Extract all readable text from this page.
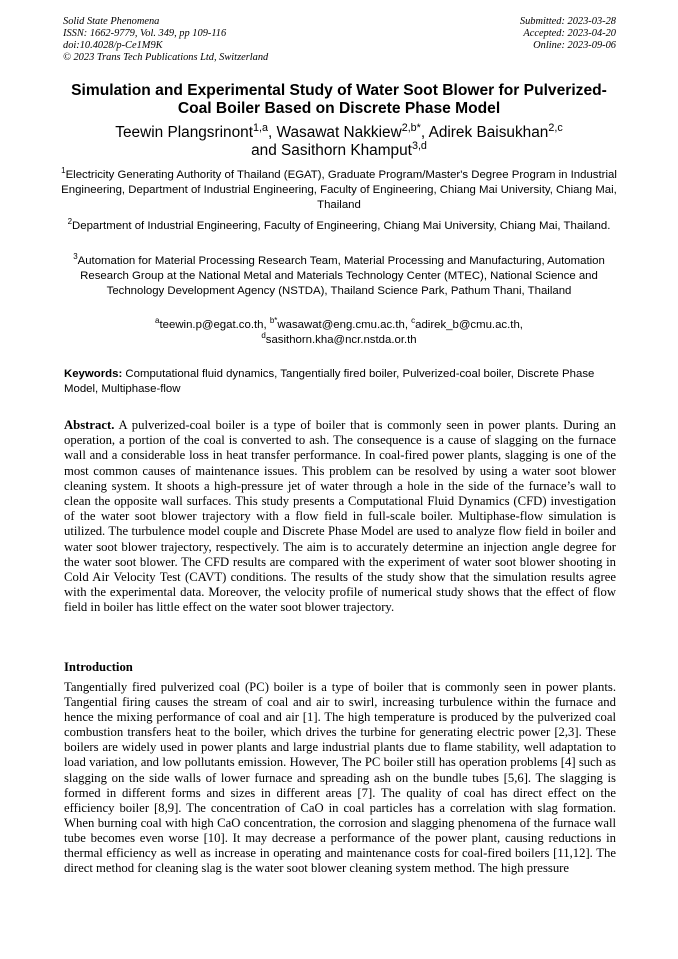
Solid State Phenomena
ISSN: 1662-9779, Vol. 349, pp 109-116
doi:10.4028/p-Ce1M9K
© 2023 Trans Tech Publications Ltd, Switzerland
Submitted: 2023-03-28
Accepted: 2023-04-20
Online: 2023-09-06
Simulation and Experimental Study of Water Soot Blower for Pulverized-
Coal Boiler Based on Discrete Phase Model
Teewin Plangsrinont$^{1,a}$, Wasawat Nakkiew$^{2,b*}$, Adirek Baisukhan$^{2,c}$
and Sasithorn Khamput$^{3,d}$
$^1$Electricity Generating Authority of Thailand (EGAT), Graduate Program/Master's Degree Program in Industrial Engineering, Department of Industrial Engineering, Faculty of Engineering, Chiang Mai University, Chiang Mai, Thailand
$^2$Department of Industrial Engineering, Faculty of Engineering, Chiang Mai University, Chiang Mai, Thailand.
$^3$Automation for Material Processing Research Team, Material Processing and Manufacturing, Automation Research Group at the National Metal and Materials Technology Center (MTEC), National Science and Technology Development Agency (NSTDA), Thailand Science Park, Pathum Thani, Thailand
$^a$teewin.p@egat.co.th, $^{b*}$wasawat@eng.cmu.ac.th, $^c$adirek_b@cmu.ac.th,
$^d$sasithorn.kha@ncr.nstda.or.th
Keywords: Computational fluid dynamics, Tangentially fired boiler, Pulverized-coal boiler, Discrete Phase Model, Multiphase-flow
Abstract. A pulverized-coal boiler is a type of boiler that is commonly seen in power plants. During an operation, a portion of the coal is converted to ash. The consequence is a cause of slagging on the furnace wall and a considerable loss in heat transfer performance. In coal-fired power plants, slagging is one of the most common causes of maintenance issues. This problem can be resolved by using a water soot blower cleaning system. It shoots a high-pressure jet of water through a hole in the side of the furnace’s wall to clean the opposite wall surfaces. This study presents a Computational Fluid Dynamics (CFD) investigation of the water soot blower trajectory with a flow field in full-scale boiler. Multiphase-flow simulation is utilized. The turbulence model couple and Discrete Phase Model are used to analyze flow field in boiler and water soot blower trajectory, respectively. The aim is to accurately determine an injection angle degree for the water soot blower. The CFD results are compared with the experiment of water soot blower shooting in Cold Air Velocity Test (CAVT) conditions. The results of the study show that the simulation results agree with the experimental data. Moreover, the velocity profile of numerical study shows that the effect of flow field in boiler has little effect on the water soot blower trajectory.
Introduction
Tangentially fired pulverized coal (PC) boiler is a type of boiler that is commonly seen in power plants. Tangential firing causes the stream of coal and air to swirl, increasing turbulence within the furnace and hence the mixing performance of coal and air [1]. The high temperature is produced by the pulverized coal combustion transfers heat to the boiler, which drives the turbine for generating electric power [2,3]. These boilers are widely used in power plants and large industrial plants due to flame stability, well adaptation to load variation, and low pollutants emission. However, The PC boiler still has operation problems [4] such as slagging on the side walls of lower furnace and spreading ash on the bundle tubes [5,6]. The slagging is formed in different forms and sizes in different areas [7]. The quality of coal has direct effect on the efficiency boiler [8,9]. The concentration of CaO in coal particles has a correlation with slag formation. When burning coal with high CaO concentration, the corrosion and slagging phenomena of the furnace wall tube becomes even worse [10]. It may decrease a performance of the power plant, causing reductions in thermal efficiency as well as increase in operating and maintenance costs for coal-fired boilers [11,12]. The direct method for cleaning slag is the water soot blower cleaning system method. The high pressure
